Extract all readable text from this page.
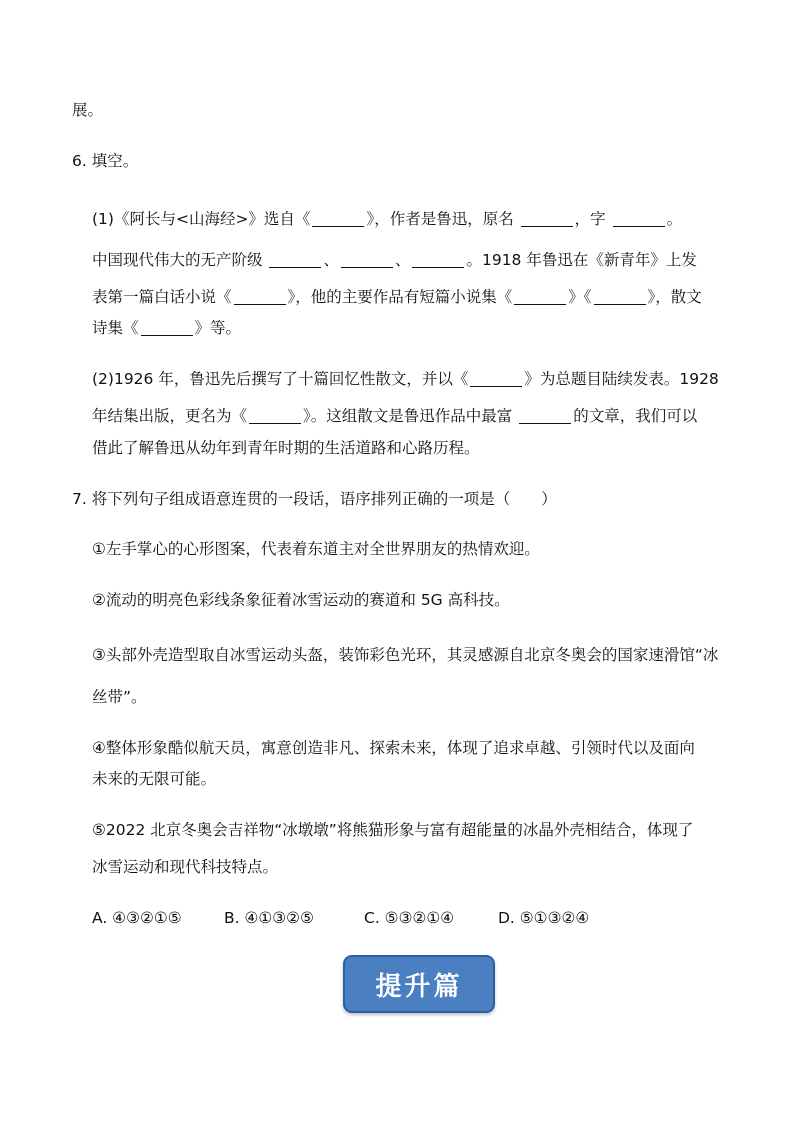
展。
6. 填空。
(1)《阿长与<山海经>》选自《	》，作者是鲁迅，原名	，字	。
中国现代伟大的无产阶级	、	、	。1918 年鲁迅在《新青年》上发
表第一篇白话小说《	》，他的主要作品有短篇小说集《	》《	》，散文
诗集《	》等。
(2)1926 年，鲁迅先后撰写了十篇回忆性散文，并以《	》为总题目陆续发表。1928
年结集出版，更名为《	》。这组散文是鲁迅作品中最富	的文章，我们可以
借此了解鲁迅从幼年到青年时期的生活道路和心路历程。
7. 将下列句子组成语意连贯的一段话，语序排列正确的一项是（　　）
①左手掌心的心形图案，代表着东道主对全世界朋友的热情欢迎。
②流动的明亮色彩线条象征着冰雪运动的赛道和 5G 高科技。
③头部外壳造型取自冰雪运动头盔，装饰彩色光环，其灵感源自北京冬奥会的国家速滑馆“冰
丝带”。
④整体形象酷似航天员，寓意创造非凡、探索未来，体现了追求卓越、引领时代以及面向
未来的无限可能。
⑤2022 北京冬奥会吉祥物“冰墩墩”将熊猫形象与富有超能量的冰晶外壳相结合，体现了
冰雪运动和现代科技特点。
A. ④③②①⑤	B. ④①③②⑤	C. ⑤③②①④	D. ⑤①③②④
提升篇
